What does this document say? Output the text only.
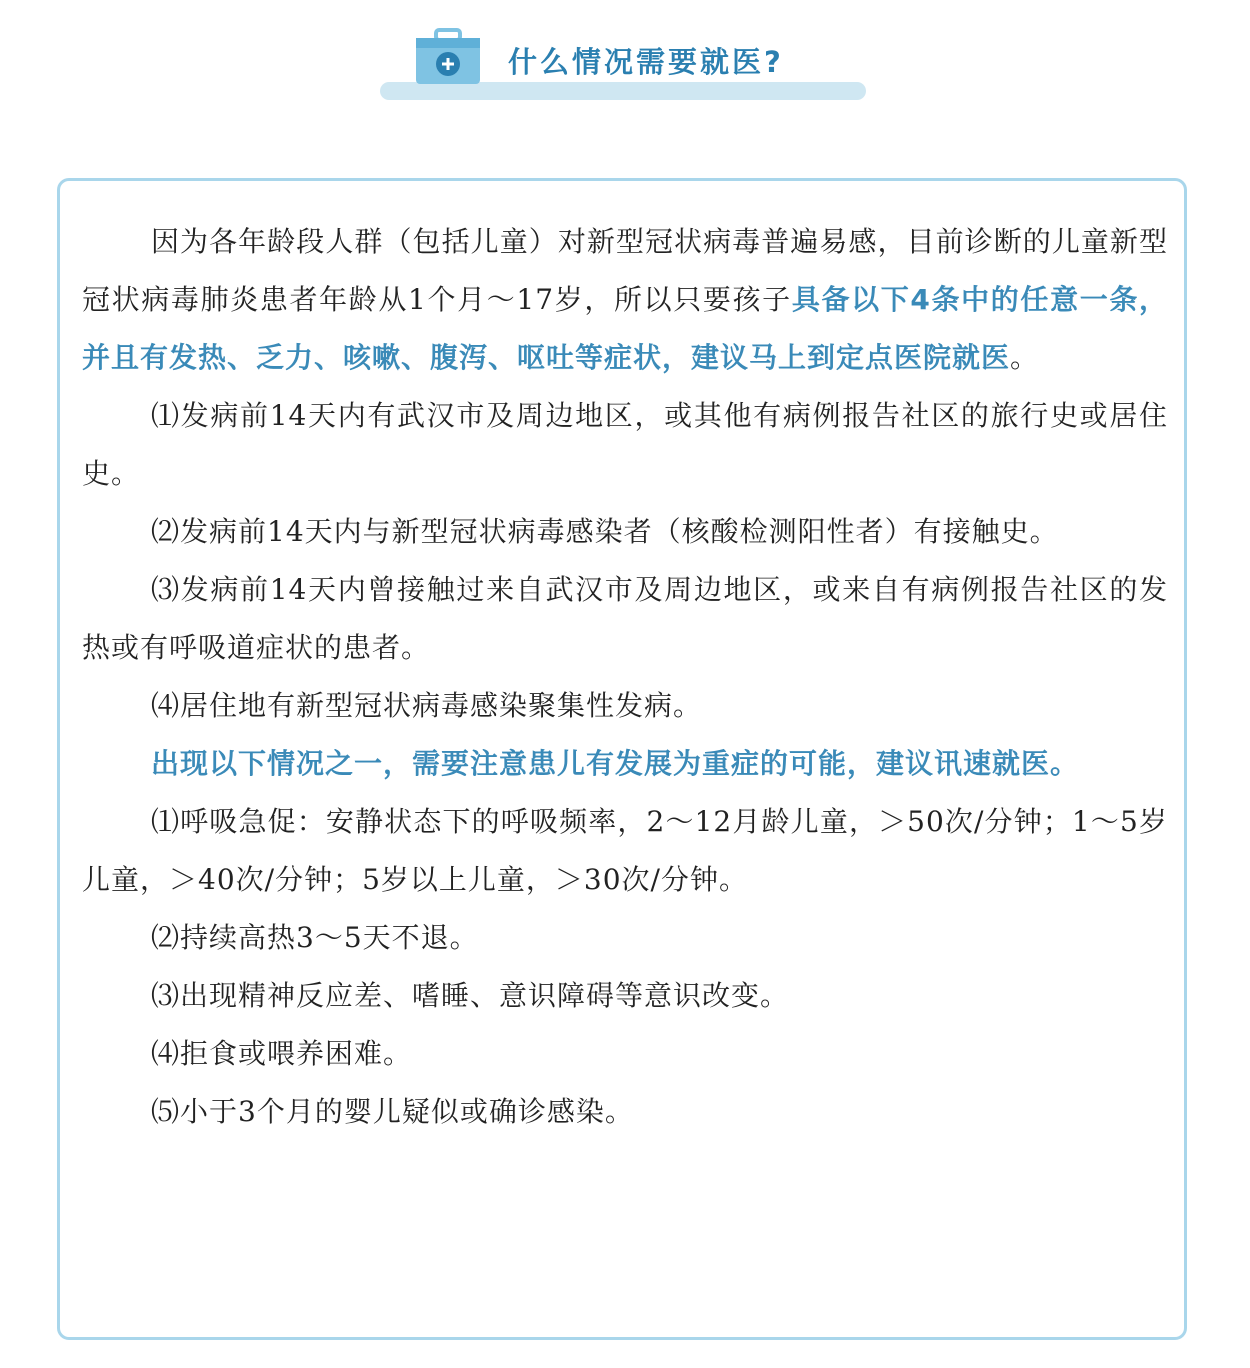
什么情况需要就医?

因为各年龄段人群（包括儿童）对新型冠状病毒普遍易感，目前诊断的儿童新型冠状病毒肺炎患者年龄从1个月～17岁，所以只要孩子具备以下4条中的任意一条，并且有发热、乏力、咳嗽、腹泻、呕吐等症状，建议马上到定点医院就医。

⑴发病前14天内有武汉市及周边地区，或其他有病例报告社区的旅行史或居住史。

⑵发病前14天内与新型冠状病毒感染者（核酸检测阳性者）有接触史。

⑶发病前14天内曾接触过来自武汉市及周边地区，或来自有病例报告社区的发热或有呼吸道症状的患者。

⑷居住地有新型冠状病毒感染聚集性发病。

出现以下情况之一，需要注意患儿有发展为重症的可能，建议讯速就医。

⑴呼吸急促：安静状态下的呼吸频率，2～12月龄儿童，＞50次/分钟；1～5岁儿童，＞40次/分钟；5岁以上儿童，＞30次/分钟。

⑵持续高热3～5天不退。

⑶出现精神反应差、嗜睡、意识障碍等意识改变。

⑷拒食或喂养困难。

⑸小于3个月的婴儿疑似或确诊感染。
